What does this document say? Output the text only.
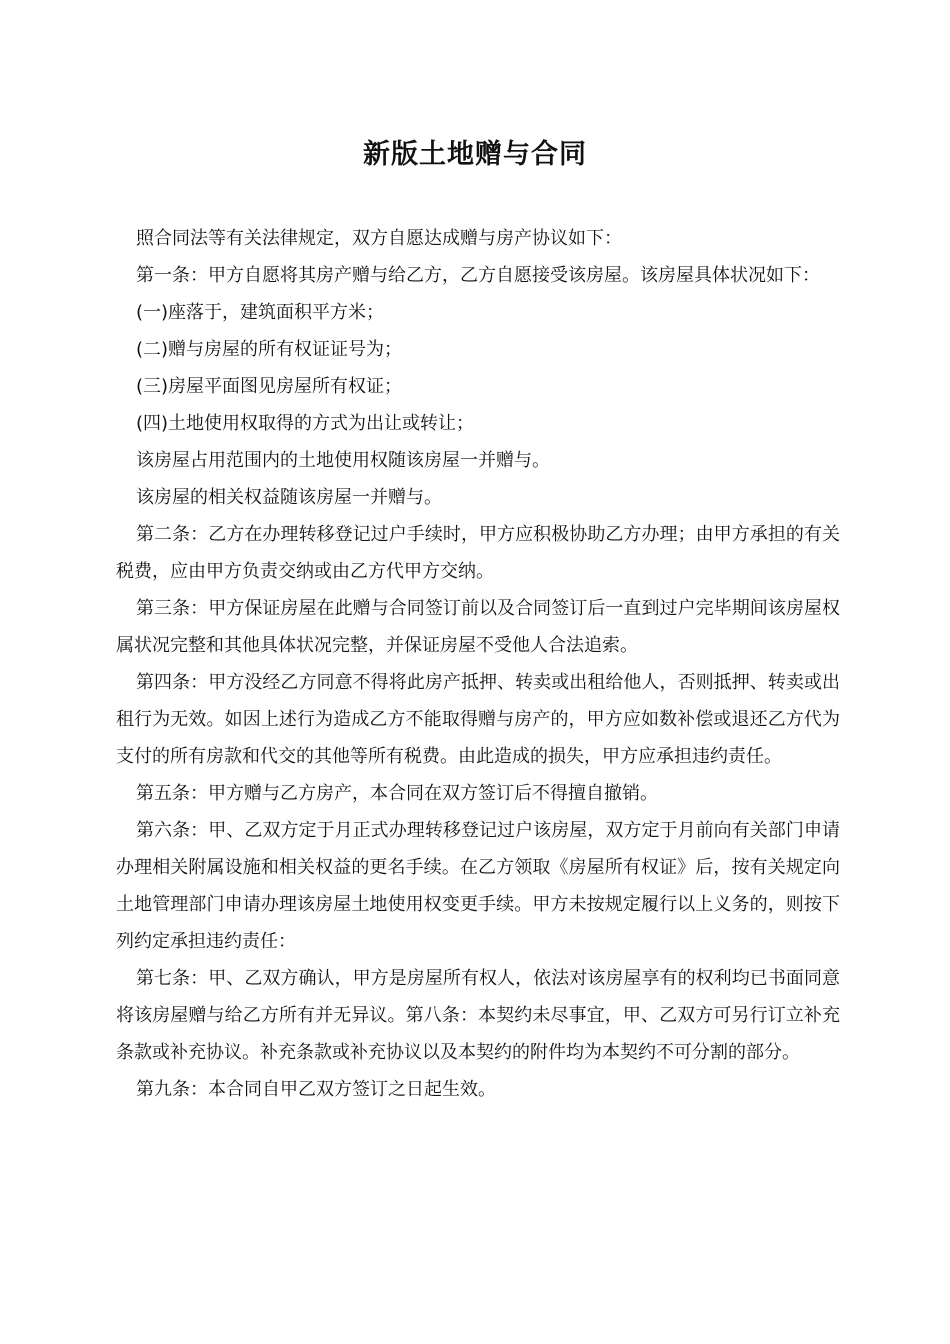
新版土地赠与合同

照合同法等有关法律规定，双方自愿达成赠与房产协议如下：

第一条：甲方自愿将其房产赠与给乙方，乙方自愿接受该房屋。该房屋具体状况如下：

(一)座落于，建筑面积平方米；

(二)赠与房屋的所有权证证号为；

(三)房屋平面图见房屋所有权证；

(四)土地使用权取得的方式为出让或转让；

该房屋占用范围内的土地使用权随该房屋一并赠与。

该房屋的相关权益随该房屋一并赠与。

第二条：乙方在办理转移登记过户手续时，甲方应积极协助乙方办理；由甲方承担的有关税费，应由甲方负责交纳或由乙方代甲方交纳。

第三条：甲方保证房屋在此赠与合同签订前以及合同签订后一直到过户完毕期间该房屋权属状况完整和其他具体状况完整，并保证房屋不受他人合法追索。

第四条：甲方没经乙方同意不得将此房产抵押、转卖或出租给他人，否则抵押、转卖或出租行为无效。如因上述行为造成乙方不能取得赠与房产的，甲方应如数补偿或退还乙方代为支付的所有房款和代交的其他等所有税费。由此造成的损失，甲方应承担违约责任。

第五条：甲方赠与乙方房产，本合同在双方签订后不得擅自撤销。

第六条：甲、乙双方定于月正式办理转移登记过户该房屋，双方定于月前向有关部门申请办理相关附属设施和相关权益的更名手续。在乙方领取《房屋所有权证》后，按有关规定向土地管理部门申请办理该房屋土地使用权变更手续。甲方未按规定履行以上义务的，则按下列约定承担违约责任：

第七条：甲、乙双方确认，甲方是房屋所有权人，依法对该房屋享有的权利均已书面同意将该房屋赠与给乙方所有并无异议。第八条：本契约未尽事宜，甲、乙双方可另行订立补充条款或补充协议。补充条款或补充协议以及本契约的附件均为本契约不可分割的部分。

第九条：本合同自甲乙双方签订之日起生效。
